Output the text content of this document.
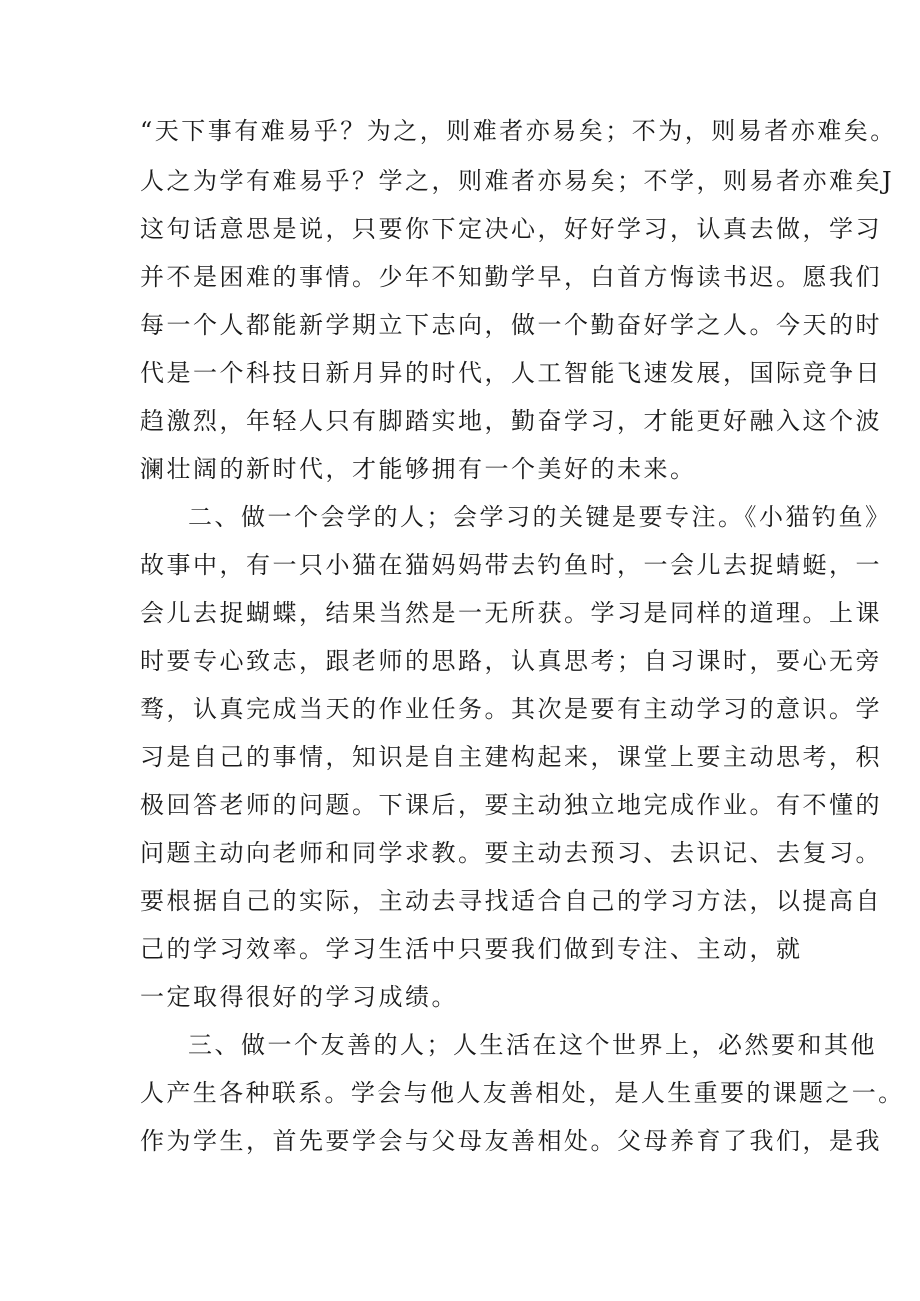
“天下事有难易乎？为之，则难者亦易矣；不为，则易者亦难矣。
人之为学有难易乎？学之，则难者亦易矣；不学，则易者亦难矣J
这句话意思是说，只要你下定决心，好好学习，认真去做，学习
并不是困难的事情。少年不知勤学早，白首方悔读书迟。愿我们
每一个人都能新学期立下志向，做一个勤奋好学之人。今天的时
代是一个科技日新月异的时代，人工智能飞速发展，国际竞争日
趋激烈，年轻人只有脚踏实地，勤奋学习，才能更好融入这个波
澜壮阔的新时代，才能够拥有一个美好的未来。
二、做一个会学的人；会学习的关键是要专注。《小猫钓鱼》
故事中，有一只小猫在猫妈妈带去钓鱼时，一会儿去捉蜻蜓，一
会儿去捉蝴蝶，结果当然是一无所获。学习是同样的道理。上课
时要专心致志，跟老师的思路，认真思考；自习课时，要心无旁
骛，认真完成当天的作业任务。其次是要有主动学习的意识。学
习是自己的事情，知识是自主建构起来，课堂上要主动思考，积
极回答老师的问题。下课后，要主动独立地完成作业。有不懂的
问题主动向老师和同学求教。要主动去预习、去识记、去复习。
要根据自己的实际，主动去寻找适合自己的学习方法，以提高自
己的学习效率。学习生活中只要我们做到专注、主动，就
一定取得很好的学习成绩。
三、做一个友善的人；人生活在这个世界上，必然要和其他
人产生各种联系。学会与他人友善相处，是人生重要的课题之一。
作为学生，首先要学会与父母友善相处。父母养育了我们，是我
